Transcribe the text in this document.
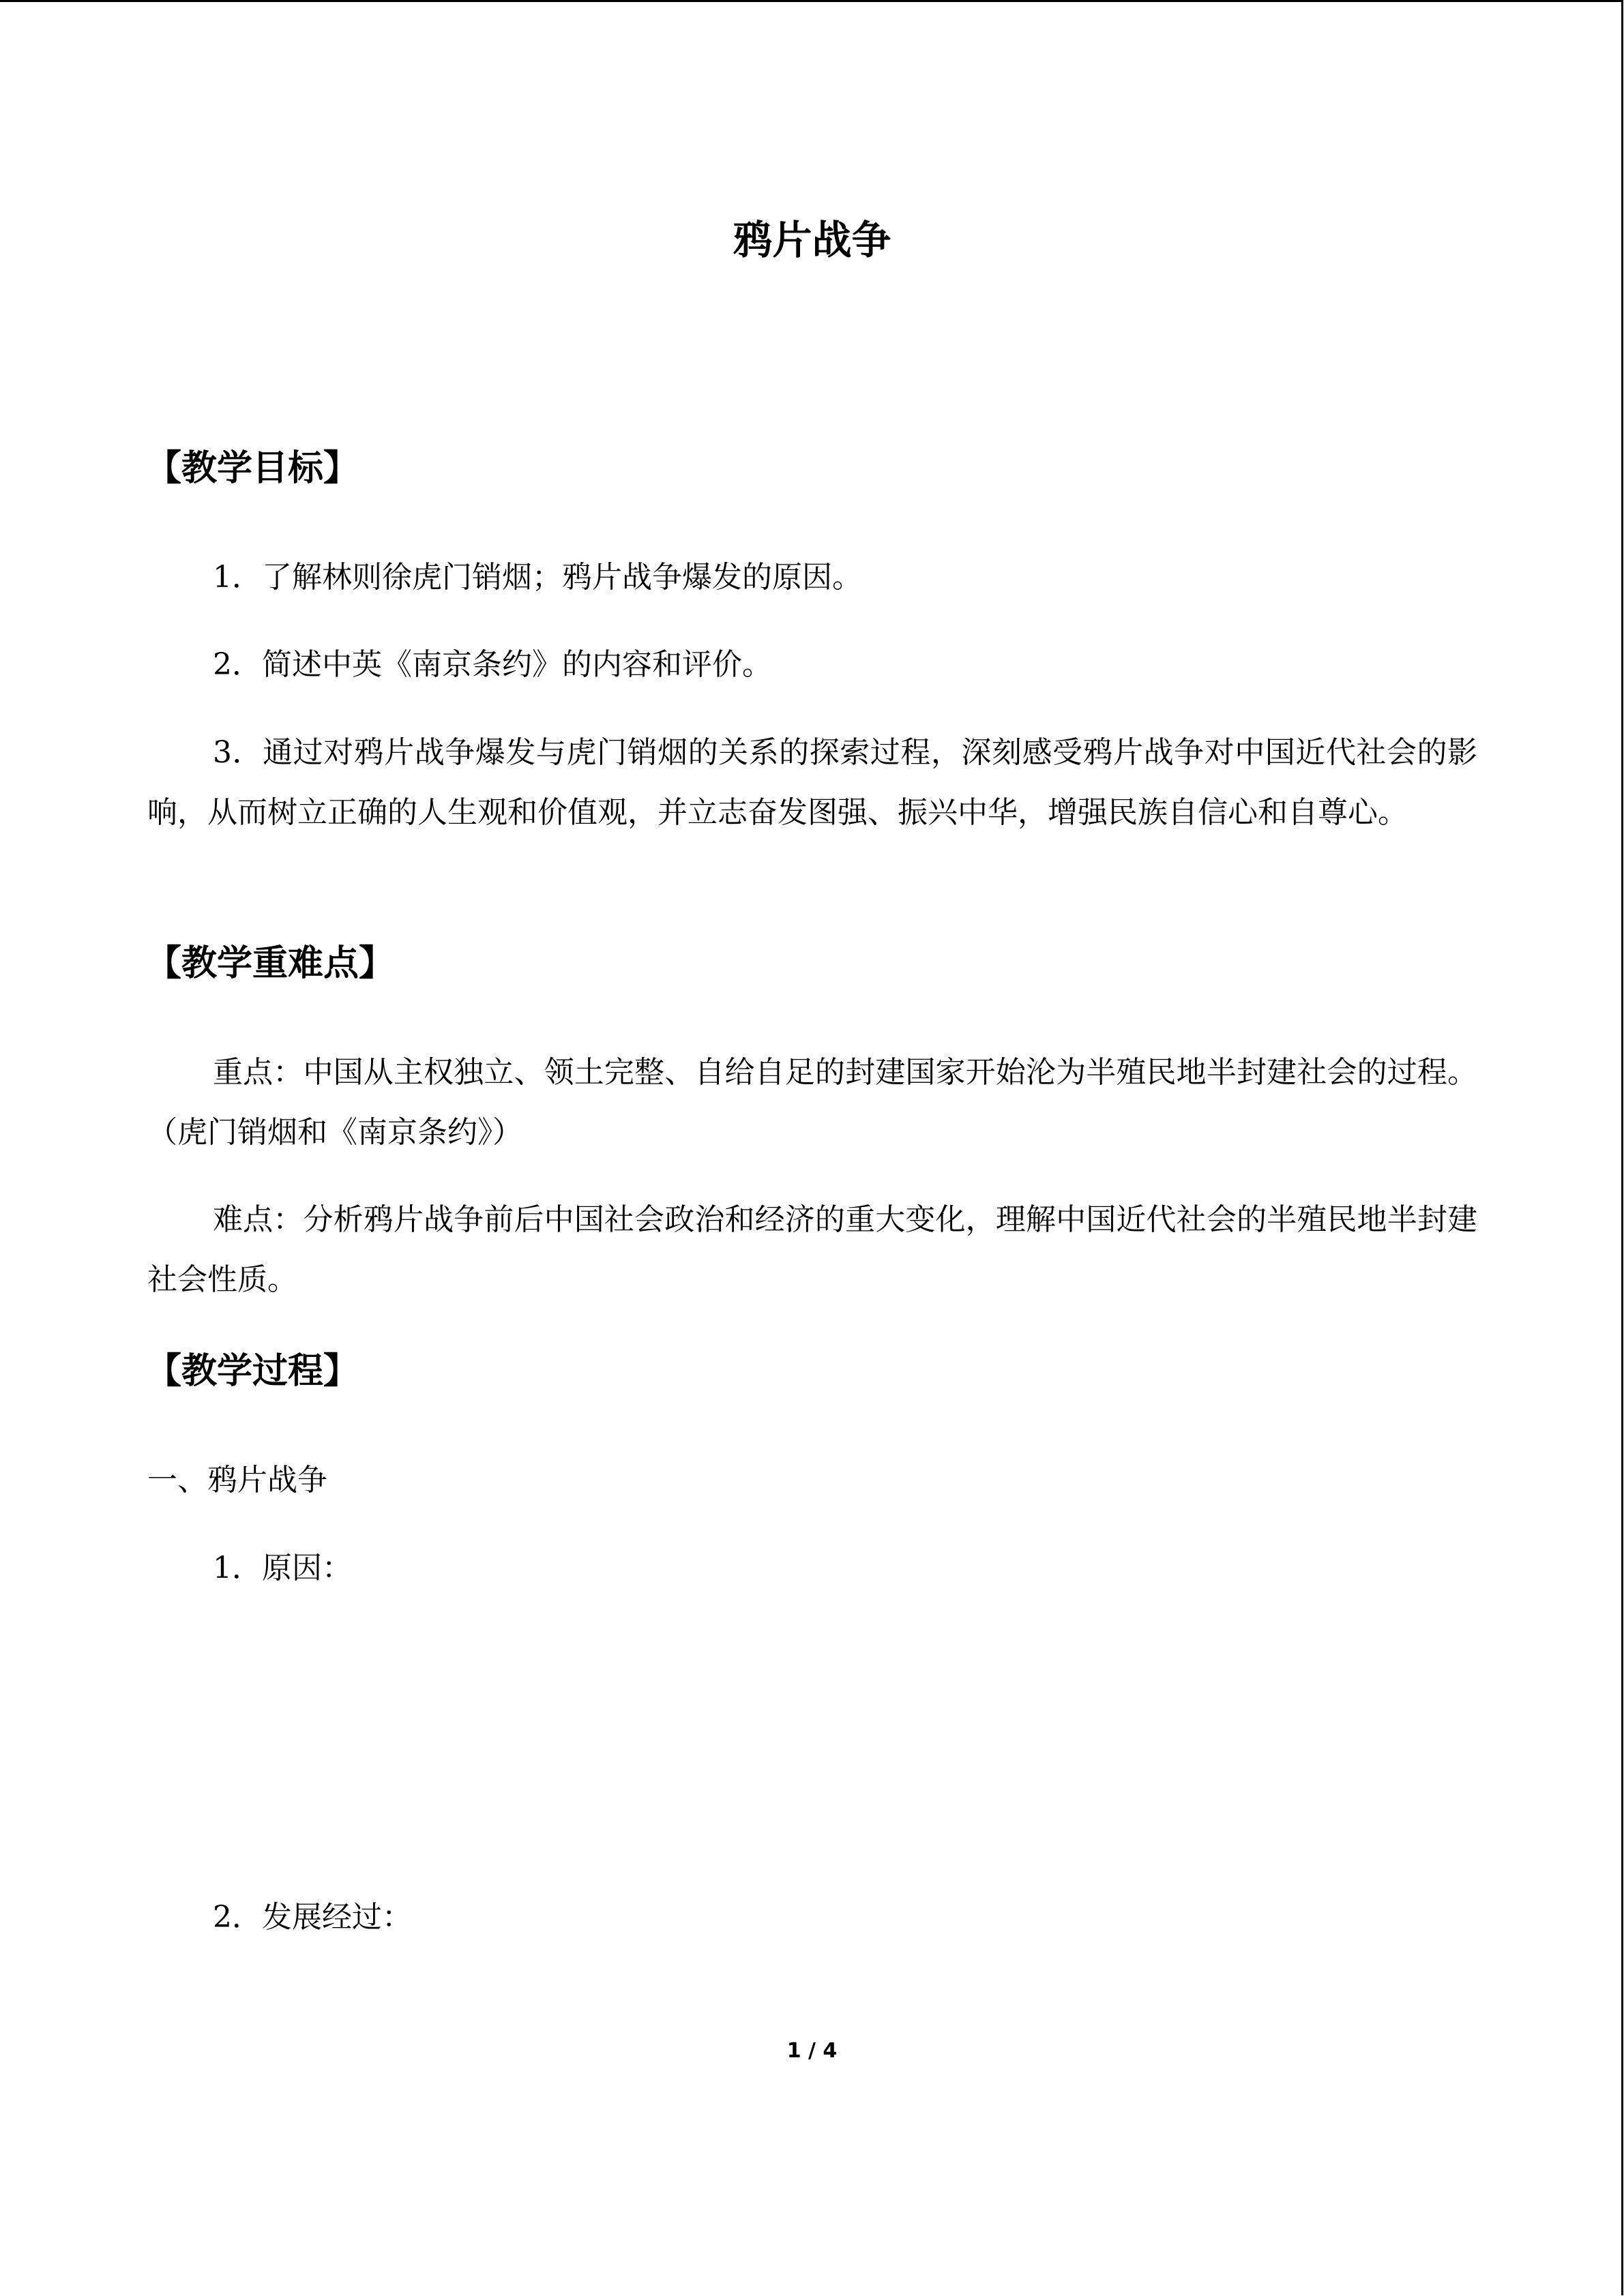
鸦片战争
【教学目标】
1．了解林则徐虎门销烟；鸦片战争爆发的原因。
2．简述中英《南京条约》的内容和评价。
3．通过对鸦片战争爆发与虎门销烟的关系的探索过程，深刻感受鸦片战争对中国近代社会的影响，从而树立正确的人生观和价值观，并立志奋发图强、振兴中华，增强民族自信心和自尊心。
【教学重难点】
重点：中国从主权独立、领土完整、自给自足的封建国家开始沦为半殖民地半封建社会的过程。（虎门销烟和《南京条约》）
难点：分析鸦片战争前后中国社会政治和经济的重大变化，理解中国近代社会的半殖民地半封建社会性质。
【教学过程】
一、鸦片战争
1．原因：
2．发展经过：
1 / 4
